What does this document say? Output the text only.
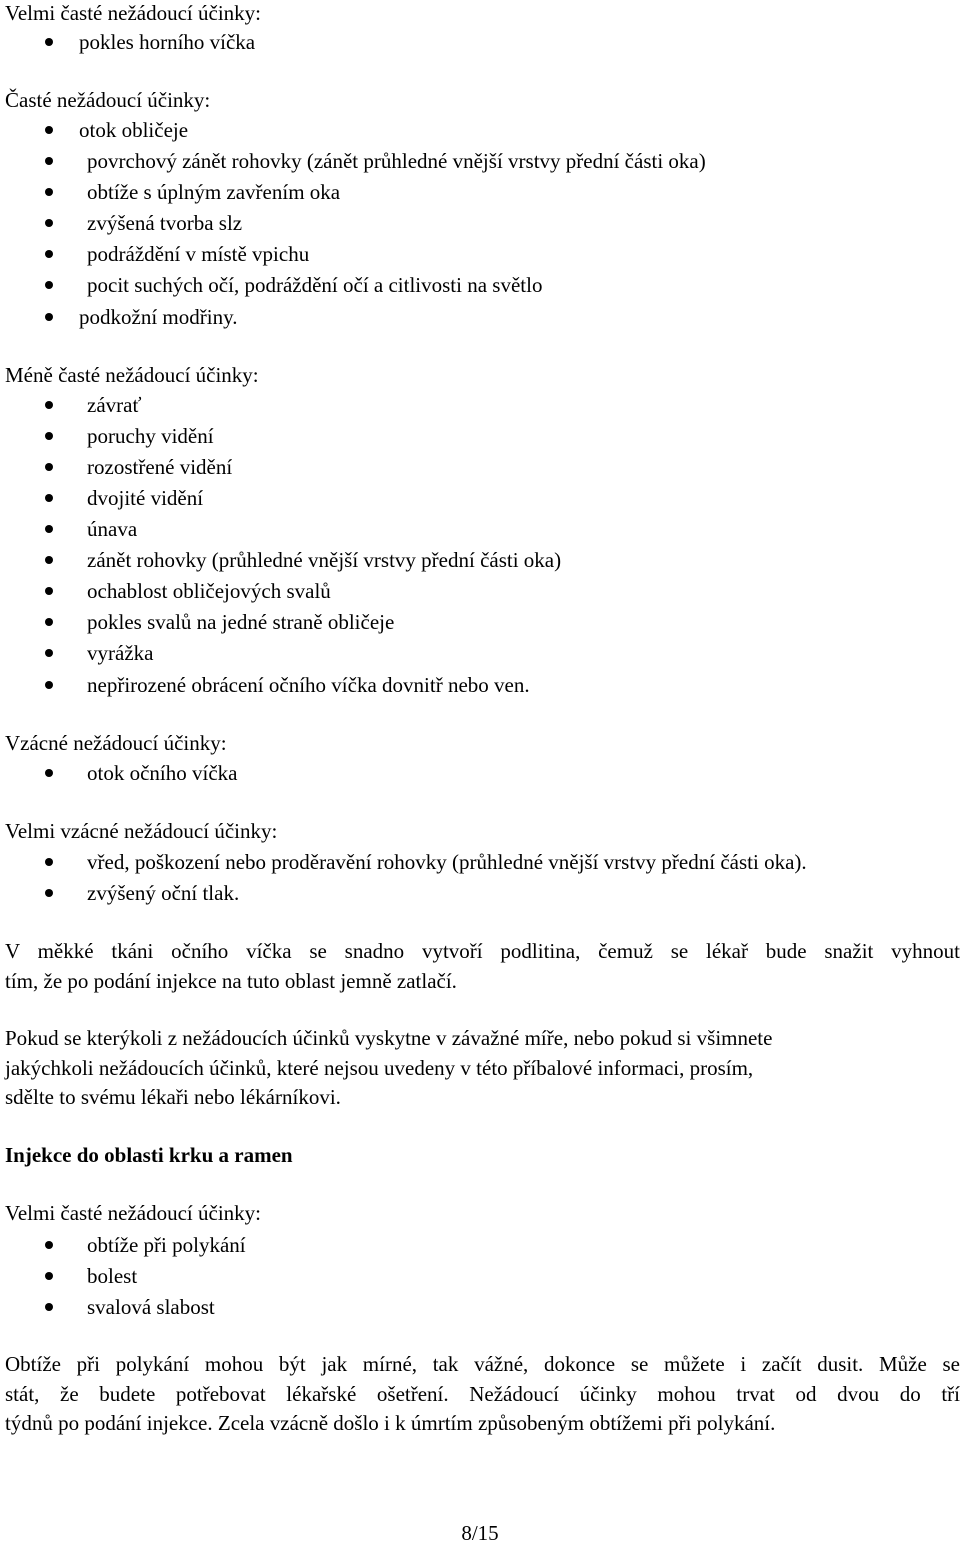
Velmi časté nežádoucí účinky:
pokles horního víčka
Časté nežádoucí účinky:
otok obličeje
povrchový zánět rohovky (zánět průhledné vnější vrstvy přední části oka)
obtíže s úplným zavřením oka
zvýšená tvorba slz
podráždění v místě vpichu
pocit suchých očí, podráždění očí a citlivosti na světlo
podkožní modřiny.
Méně časté nežádoucí účinky:
závrať
poruchy vidění
rozostřené vidění
dvojité vidění
únava
zánět rohovky (průhledné vnější vrstvy přední části oka)
ochablost obličejových svalů
pokles svalů na jedné straně obličeje
vyrážka
nepřirozené obrácení očního víčka dovnitř nebo ven.
Vzácné nežádoucí účinky:
otok očního víčka
Velmi vzácné nežádoucí účinky:
vřed, poškození nebo proděravění rohovky (průhledné vnější vrstvy přední části oka).
zvýšený oční tlak.
V měkké tkáni očního víčka se snadno vytvoří podlitina, čemuž se lékař bude snažit vyhnout
tím, že po podání injekce na tuto oblast jemně zatlačí.
Pokud se kterýkoli z nežádoucích účinků vyskytne v závažné míře, nebo pokud si všimnete
jakýchkoli nežádoucích účinků, které nejsou uvedeny v této příbalové informaci, prosím,
sdělte to svému lékaři nebo lékárníkovi.
Injekce do oblasti krku a ramen
Velmi časté nežádoucí účinky:
obtíže při polykání
bolest
svalová slabost
Obtíže při polykání mohou být jak mírné, tak vážné, dokonce se můžete i začít dusit. Může se
stát, že budete potřebovat lékařské ošetření. Nežádoucí účinky mohou trvat od dvou do tří
týdnů po podání injekce. Zcela vzácně došlo i k úmrtím způsobeným obtížemi při polykání.
8/15
